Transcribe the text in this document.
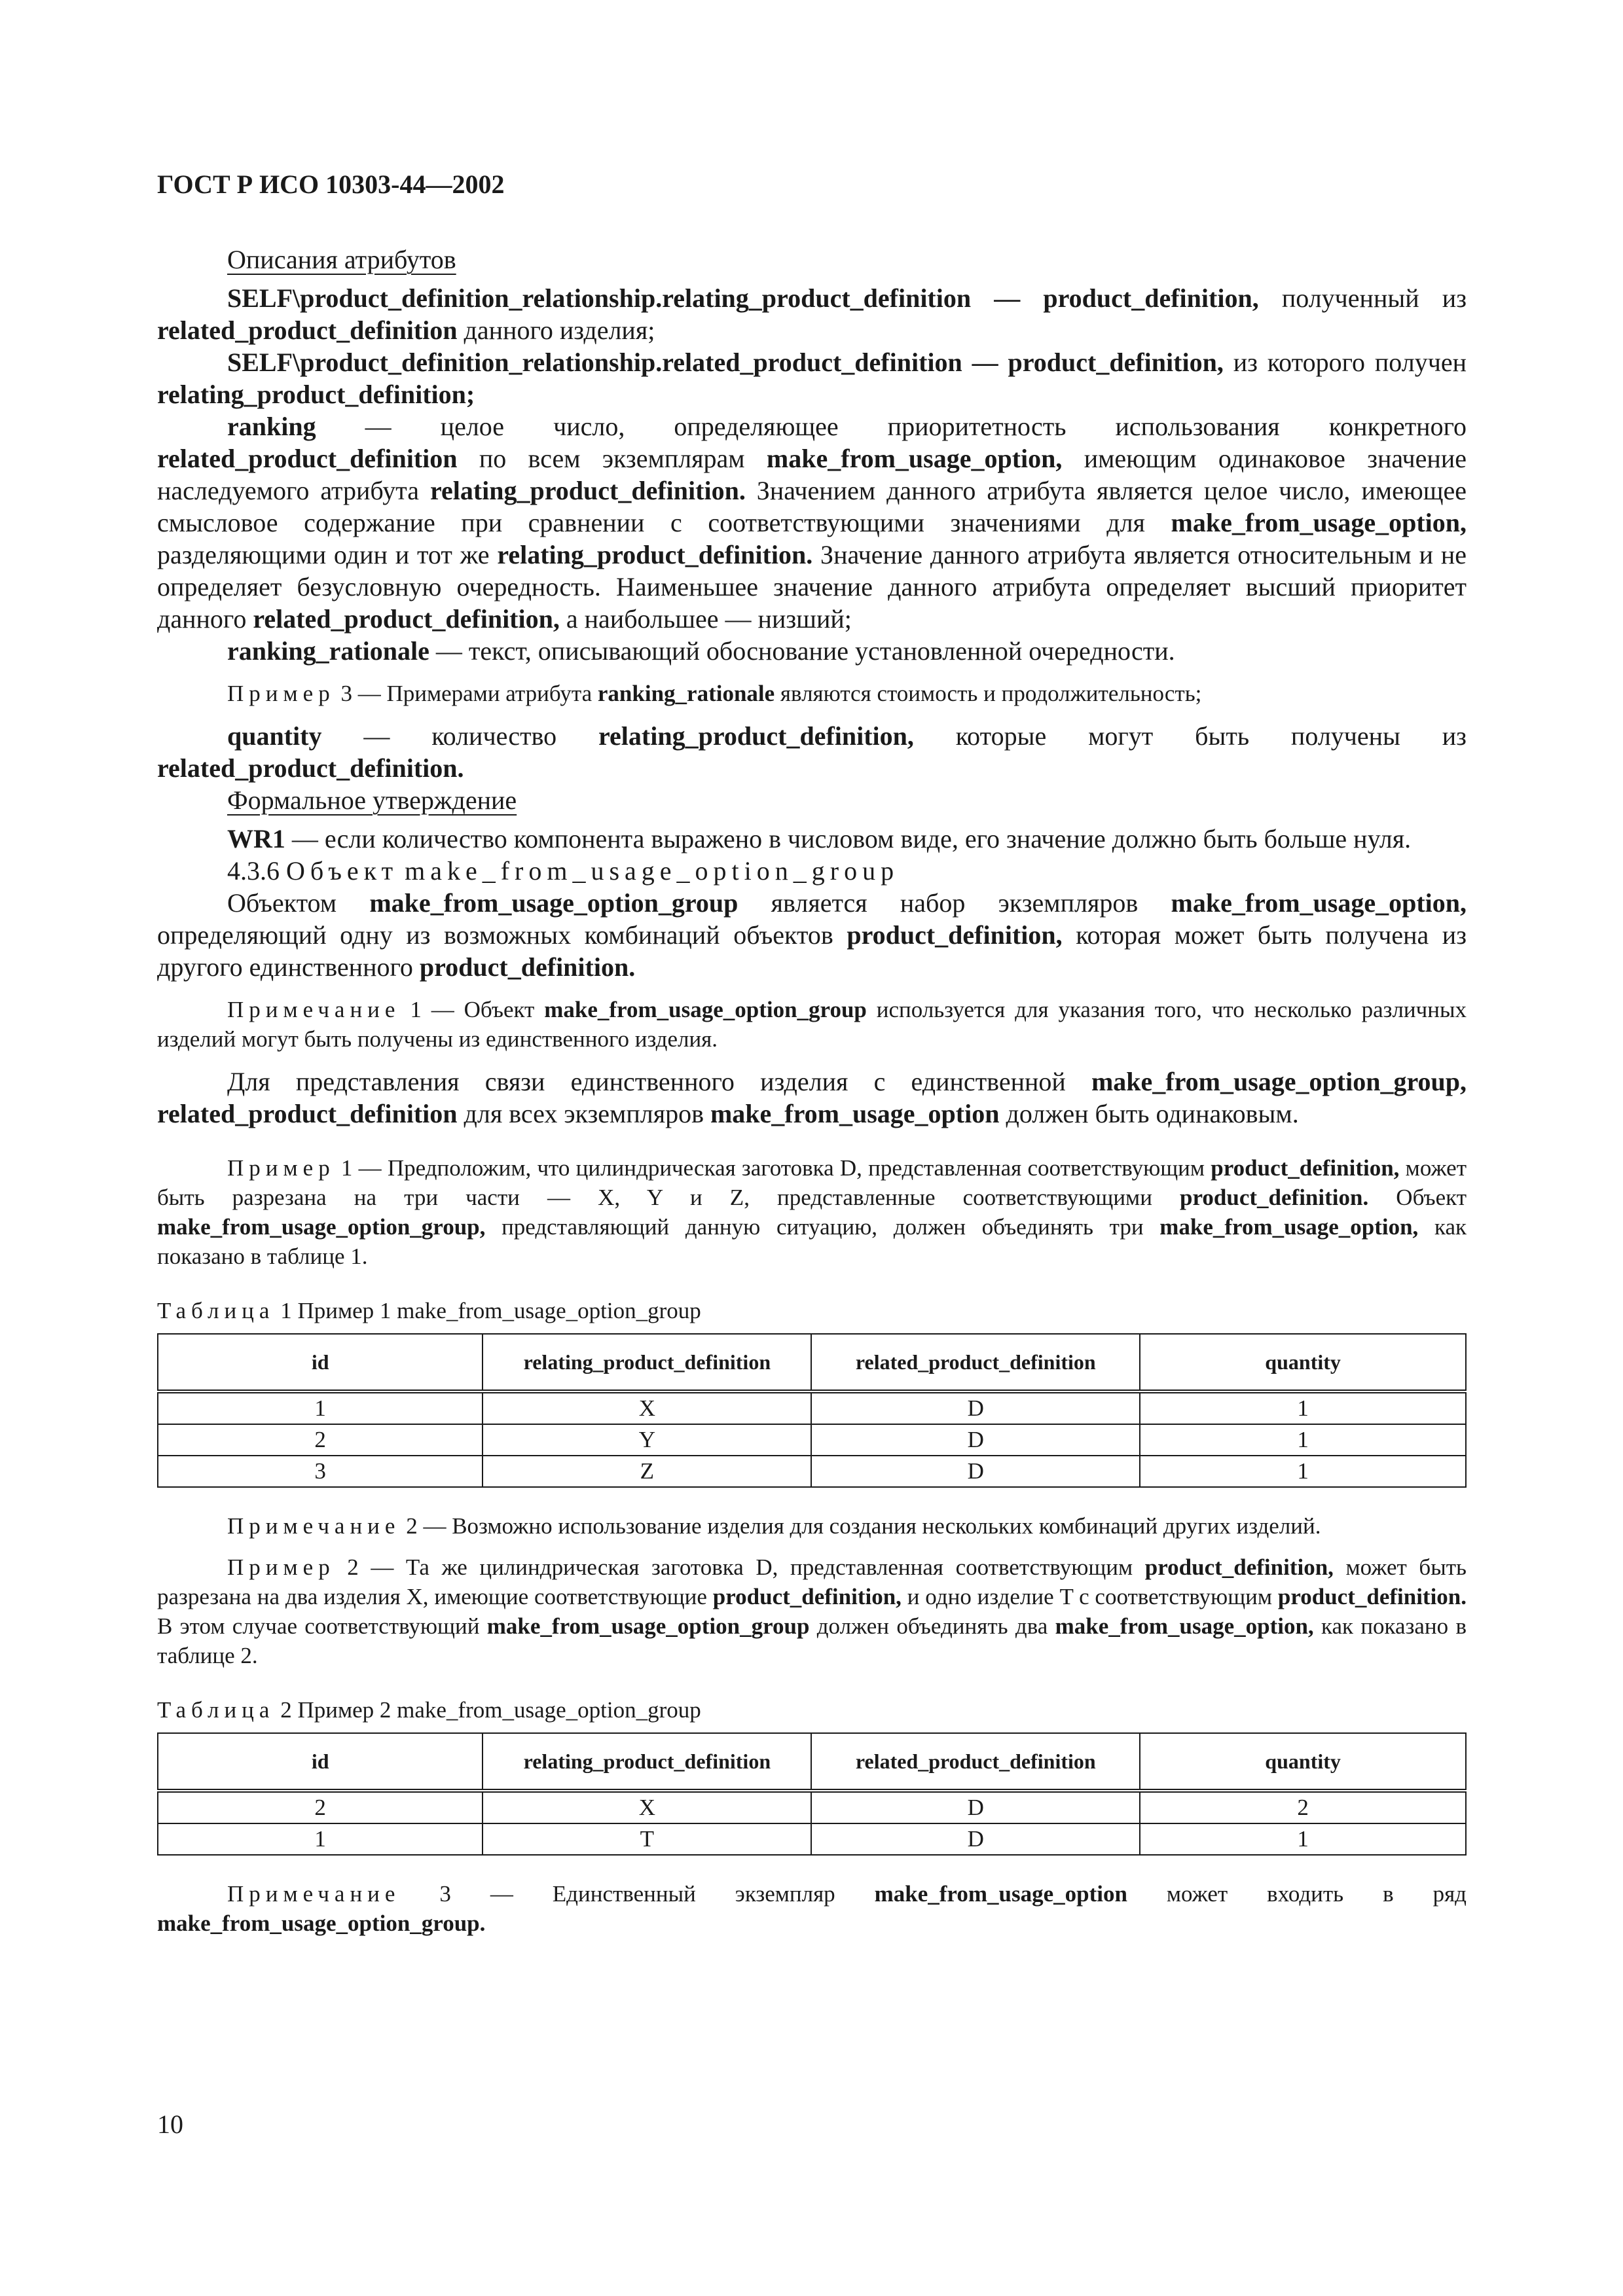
ГОСТ Р ИСО 10303-44—2002
Описания атрибутов

SELF\product_definition_relationship.relating_product_definition — product_definition, полученный из related_product_definition данного изделия;

SELF\product_definition_relationship.related_product_definition — product_definition, из которого получен relating_product_definition;

ranking — целое число, определяющее приоритетность использования конкретного related_product_definition по всем экземплярам make_from_usage_option, имеющим одинаковое значение наследуемого атрибута relating_product_definition. Значением данного атрибута является целое число, имеющее смысловое содержание при сравнении с соответствующими значениями для make_from_usage_option, разделяющими один и тот же relating_product_definition. Значение данного атрибута является относительным и не определяет безусловную очередность. Наименьшее значение данного атрибута определяет высший приоритет данного related_product_definition, а наибольшее — низший;

ranking_rationale — текст, описывающий обоснование установленной очередности.

Пример 3 — Примерами атрибута ranking_rationale являются стоимость и продолжительность;

quantity — количество relating_product_definition, которые могут быть получены из related_product_definition.

Формальное утверждение

WR1 — если количество компонента выражено в числовом виде, его значение должно быть больше нуля.

4.3.6 Объект make_from_usage_option_group

Объектом make_from_usage_option_group является набор экземпляров make_from_usage_option, определяющий одну из возможных комбинаций объектов product_definition, которая может быть получена из другого единственного product_definition.

Примечание 1 — Объект make_from_usage_option_group используется для указания того, что несколько различных изделий могут быть получены из единственного изделия.

Для представления связи единственного изделия с единственной make_from_usage_option_group, related_product_definition для всех экземпляров make_from_usage_option должен быть одинаковым.

Пример 1 — Предположим, что цилиндрическая заготовка D, представленная соответствующим product_definition, может быть разрезана на три части — X, Y и Z, представленные соответствующими product_definition. Объект make_from_usage_option_group, представляющий данную ситуацию, должен объединять три make_from_usage_option, как показано в таблице 1.

Таблица 1 Пример 1 make_from_usage_option_group

id	relating_product_definition	related_product_definition	quantity
1	X	D	1
2	Y	D	1
3	Z	D	1

Примечание 2 — Возможно использование изделия для создания нескольких комбинаций других изделий.

Пример 2 — Та же цилиндрическая заготовка D, представленная соответствующим product_definition, может быть разрезана на два изделия X, имеющие соответствующие product_definition, и одно изделие T с соответствующим product_definition. В этом случае соответствующий make_from_usage_option_group должен объединять два make_from_usage_option, как показано в таблице 2.

Таблица 2 Пример 2 make_from_usage_option_group

id	relating_product_definition	related_product_definition	quantity
2	X	D	2
1	T	D	1

Примечание 3 — Единственный экземпляр make_from_usage_option может входить в ряд make_from_usage_option_group.

10
